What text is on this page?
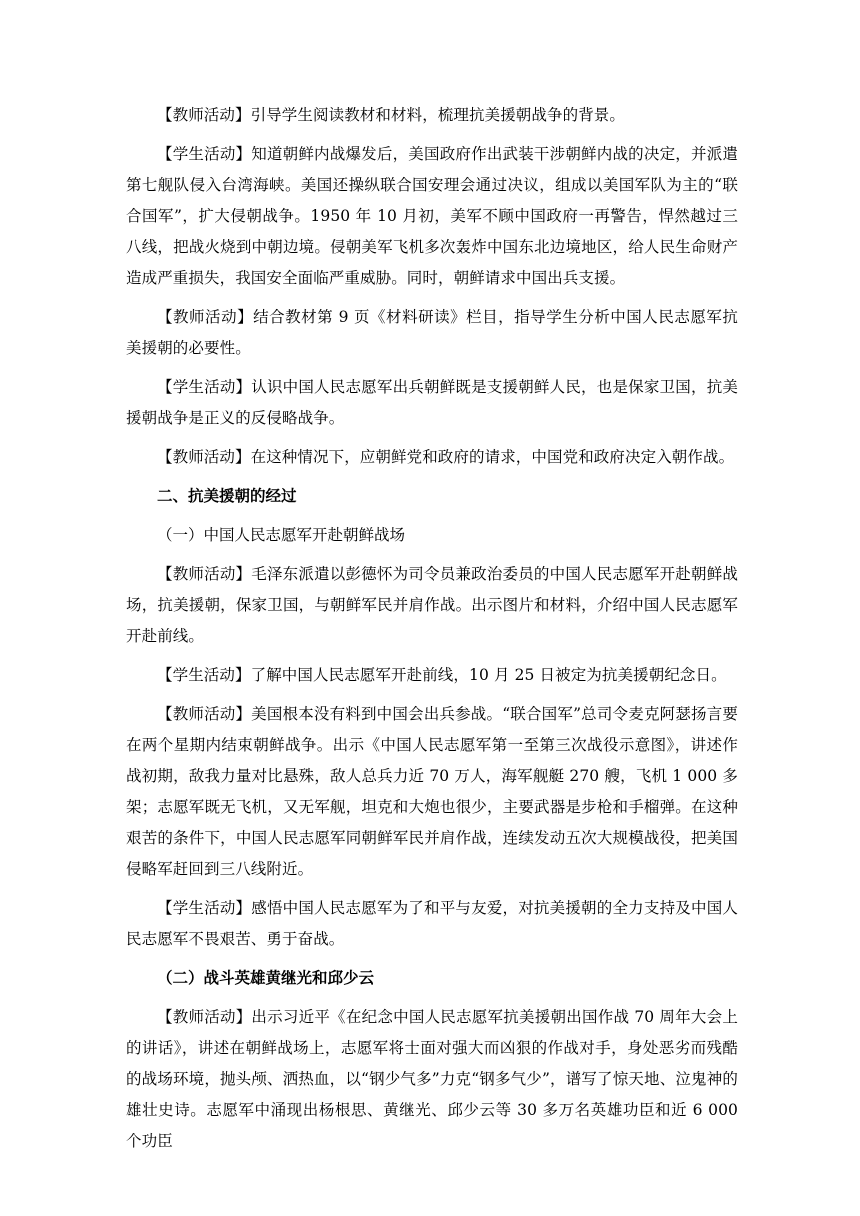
【教师活动】引导学生阅读教材和材料，梳理抗美援朝战争的背景。

【学生活动】知道朝鲜内战爆发后，美国政府作出武装干涉朝鲜内战的决定，并派遣第七舰队侵入台湾海峡。美国还操纵联合国安理会通过决议，组成以美国军队为主的“联合国军”，扩大侵朝战争。1950 年 10 月初，美军不顾中国政府一再警告，悍然越过三八线，把战火烧到中朝边境。侵朝美军飞机多次轰炸中国东北边境地区，给人民生命财产造成严重损失，我国安全面临严重威胁。同时，朝鲜请求中国出兵支援。

【教师活动】结合教材第 9 页《材料研读》栏目，指导学生分析中国人民志愿军抗美援朝的必要性。

【学生活动】认识中国人民志愿军出兵朝鲜既是支援朝鲜人民，也是保家卫国，抗美援朝战争是正义的反侵略战争。

【教师活动】在这种情况下，应朝鲜党和政府的请求，中国党和政府决定入朝作战。

二、抗美援朝的经过

（一）中国人民志愿军开赴朝鲜战场

【教师活动】毛泽东派遣以彭德怀为司令员兼政治委员的中国人民志愿军开赴朝鲜战场，抗美援朝，保家卫国，与朝鲜军民并肩作战。出示图片和材料，介绍中国人民志愿军开赴前线。

【学生活动】了解中国人民志愿军开赴前线，10 月 25 日被定为抗美援朝纪念日。

【教师活动】美国根本没有料到中国会出兵参战。“联合国军”总司令麦克阿瑟扬言要在两个星期内结束朝鲜战争。出示《中国人民志愿军第一至第三次战役示意图》，讲述作战初期，敌我力量对比悬殊，敌人总兵力近 70 万人，海军舰艇 270 艘，飞机 1 000 多架；志愿军既无飞机，又无军舰，坦克和大炮也很少，主要武器是步枪和手榴弹。在这种艰苦的条件下，中国人民志愿军同朝鲜军民并肩作战，连续发动五次大规模战役，把美国侵略军赶回到三八线附近。

【学生活动】感悟中国人民志愿军为了和平与友爱，对抗美援朝的全力支持及中国人民志愿军不畏艰苦、勇于奋战。

（二）战斗英雄黄继光和邱少云

【教师活动】出示习近平《在纪念中国人民志愿军抗美援朝出国作战 70 周年大会上的讲话》，讲述在朝鲜战场上，志愿军将士面对强大而凶狠的作战对手，身处恶劣而残酷的战场环境，抛头颅、洒热血，以“钢少气多”力克“钢多气少”，谱写了惊天地、泣鬼神的雄壮史诗。志愿军中涌现出杨根思、黄继光、邱少云等 30 多万名英雄功臣和近 6 000 个功臣
